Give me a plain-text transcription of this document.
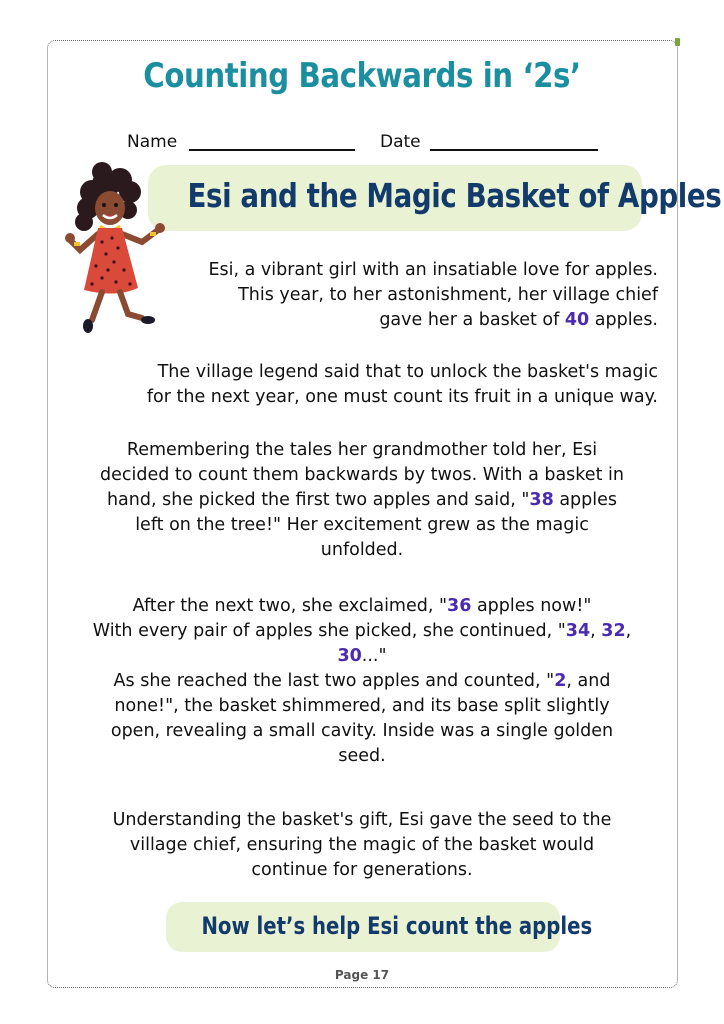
Counting Backwards in ‘2s’
Name	Date
Esi and the Magic Basket of Apples
Esi, a vibrant girl with an insatiable love for apples.
This year, to her astonishment, her village chief
gave her a basket of 40 apples.
The village legend said that to unlock the basket's magic
for the next year, one must count its fruit in a unique way.
Remembering the tales her grandmother told her, Esi
decided to count them backwards by twos. With a basket in
hand, she picked the first two apples and said, "38 apples
left on the tree!" Her excitement grew as the magic
unfolded.
After the next two, she exclaimed, "36 apples now!"
With every pair of apples she picked, she continued, "34, 32,
30..."
As she reached the last two apples and counted, "2, and
none!", the basket shimmered, and its base split slightly
open, revealing a small cavity. Inside was a single golden
seed.
Understanding the basket's gift, Esi gave the seed to the
village chief, ensuring the magic of the basket would
continue for generations.
Now let’s help Esi count the apples
Page 17
